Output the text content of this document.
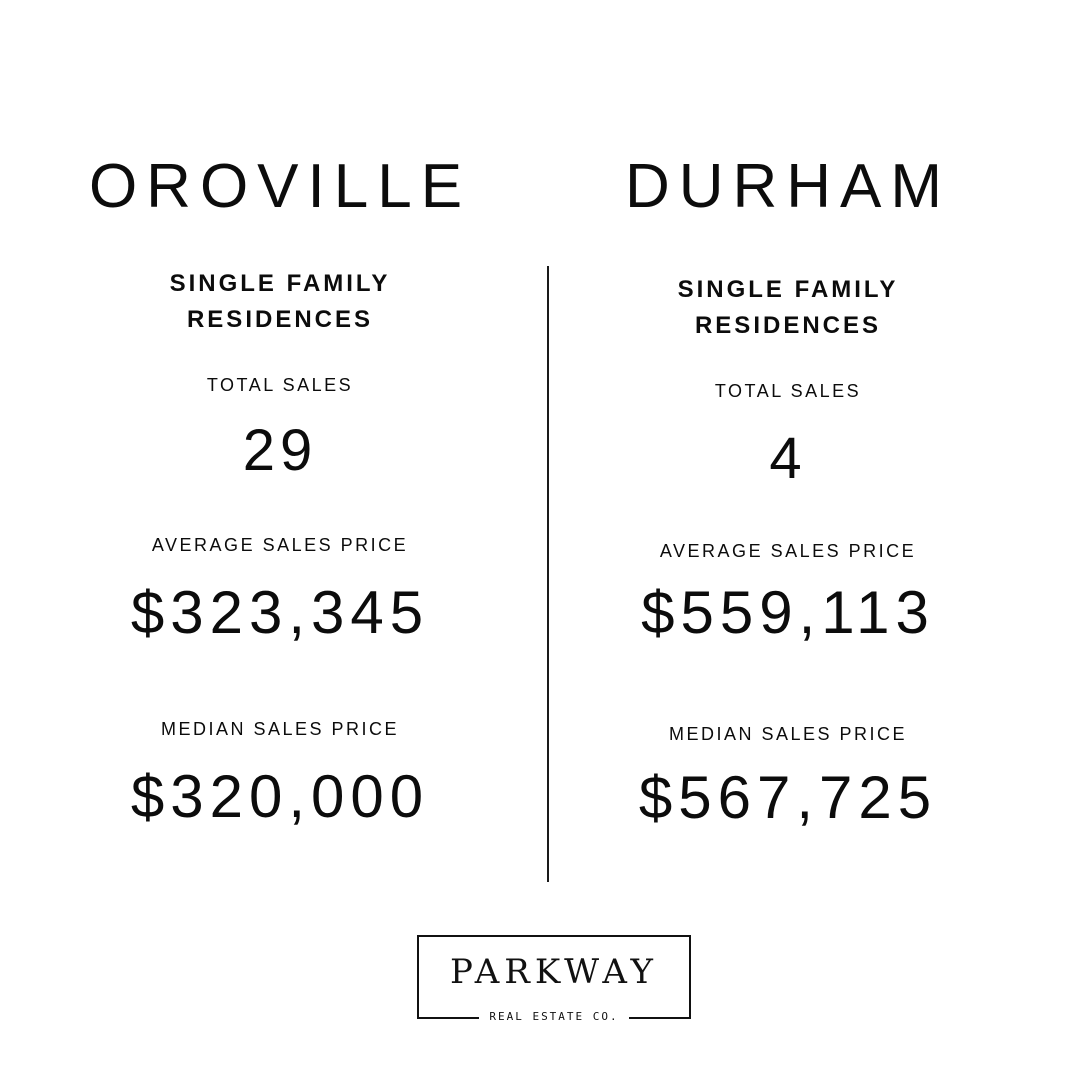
OROVILLE
SINGLE FAMILY
RESIDENCES
TOTAL SALES
29
AVERAGE SALES PRICE
$323,345
MEDIAN SALES PRICE
$320,000
DURHAM
SINGLE FAMILY
RESIDENCES
TOTAL SALES
4
AVERAGE SALES PRICE
$559,113
MEDIAN SALES PRICE
$567,725
PARKWAY
REAL ESTATE CO.
